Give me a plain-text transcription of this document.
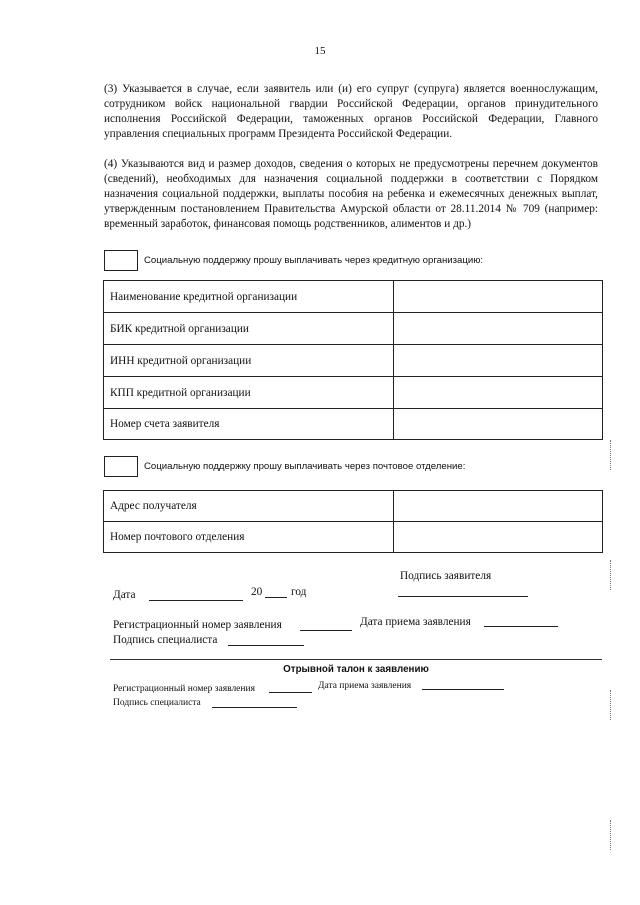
15
(3) Указывается в случае, если заявитель или (и) его супруг (супруга) является военнослужащим, сотрудником войск национальной гвардии Российской Федерации, органов принудительного исполнения Российской Федерации, таможенных органов Российской Федерации, Главного управления специальных программ Президента Российской Федерации.
(4) Указываются вид и размер доходов, сведения о которых не предусмотрены перечнем документов (сведений), необходимых для назначения социальной поддержки в соответствии с Порядком назначения социальной поддержки, выплаты пособия на ребенка и ежемесячных денежных выплат, утвержденным постановлением Правительства Амурской области от 28.11.2014 № 709 (например: временный заработок, финансовая помощь родственников, алиментов и др.)
Социальную поддержку прошу выплачивать через кредитную организацию:
Наименование кредитной организации	
БИК кредитной организации	
ИНН кредитной организации	
КПП кредитной организации	
Номер счета заявителя	
Социальную поддержку прошу выплачивать через почтовое отделение:
Адрес получателя	
Номер почтового отделения	
Подпись заявителя
Дата	20	год
Регистрационный номер заявления	Дата приема заявления
Подпись специалиста
Отрывной талон к заявлению
Регистрационный номер заявления	Дата приема заявления
Подпись специалиста
